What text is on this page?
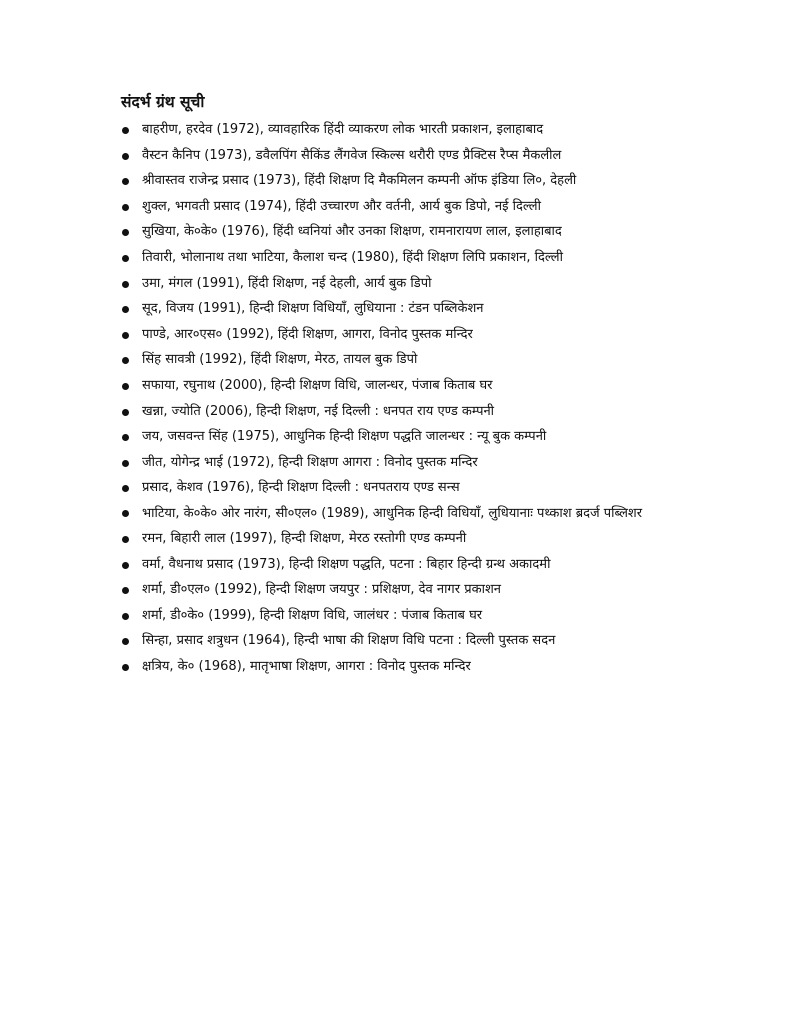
संदर्भ ग्रंथ सूची
बाहरीण, हरदेव (1972), व्यावहारिक हिंदी व्याकरण लोक भारती प्रकाशन, इलाहाबाद
वैस्टन कैनिप (1973), डवैलपिंग सैकिंड लैंगवेज स्किल्स थरौरी एण्ड प्रैक्टिस रैप्स मैकलील
श्रीवास्तव राजेन्द्र प्रसाद (1973), हिंदी शिक्षण दि मैकमिलन कम्पनी ऑफ इंडिया लि०, देहली
शुक्ल, भगवती प्रसाद (1974), हिंदी उच्चारण और वर्तनी, आर्य बुक डिपो, नई दिल्ली
सुखिया, के०के० (1976), हिंदी ध्वनियां और उनका शिक्षण, रामनारायण लाल, इलाहाबाद
तिवारी, भोलानाथ तथा भाटिया, कैलाश चन्द (1980), हिंदी शिक्षण लिपि प्रकाशन, दिल्ली
उमा, मंगल (1991), हिंदी शिक्षण, नई देहली, आर्य बुक डिपो
सूद, विजय (1991), हिन्दी शिक्षण विधियाँ, लुधियाना : टंडन पब्लिकेशन
पाण्डे, आर०एस० (1992), हिंदी शिक्षण, आगरा, विनोद पुस्तक मन्दिर
सिंह सावत्री (1992), हिंदी शिक्षण, मेरठ, तायल बुक डिपो
सफाया, रघुनाथ (2000), हिन्दी शिक्षण विधि, जालन्धर, पंजाब किताब घर
खन्ना, ज्योति (2006), हिन्दी शिक्षण, नई दिल्ली : धनपत राय एण्ड कम्पनी
जय, जसवन्त सिंह (1975), आधुनिक हिन्दी शिक्षण पद्धति जालन्धर : न्यू बुक कम्पनी
जीत, योगेन्द्र भाई (1972), हिन्दी शिक्षण आगरा : विनोद पुस्तक मन्दिर
प्रसाद, केशव (1976), हिन्दी शिक्षण दिल्ली : धनपतराय एण्ड सन्स
भाटिया, के०के० ओर नारंग, सी०एल० (1989), आधुनिक हिन्दी विधियाँ, लुधियानाः पथ्काश ब्रदर्ज पब्लिशर
रमन, बिहारी लाल (1997), हिन्दी शिक्षण, मेरठ रस्तोगी एण्ड कम्पनी
वर्मा, वैधनाथ प्रसाद (1973), हिन्दी शिक्षण पद्धति, पटना : बिहार हिन्दी ग्रन्थ अकादमी
शर्मा, डी०एल० (1992), हिन्दी शिक्षण जयपुर : प्रशिक्षण, देव नागर प्रकाशन
शर्मा, डी०के० (1999), हिन्दी शिक्षण विधि, जालंधर : पंजाब किताब घर
सिन्हा, प्रसाद शत्रुधन (1964), हिन्दी भाषा की शिक्षण विधि पटना : दिल्ली पुस्तक सदन
क्षत्रिय, के० (1968), मातृभाषा शिक्षण, आगरा : विनोद पुस्तक मन्दिर
